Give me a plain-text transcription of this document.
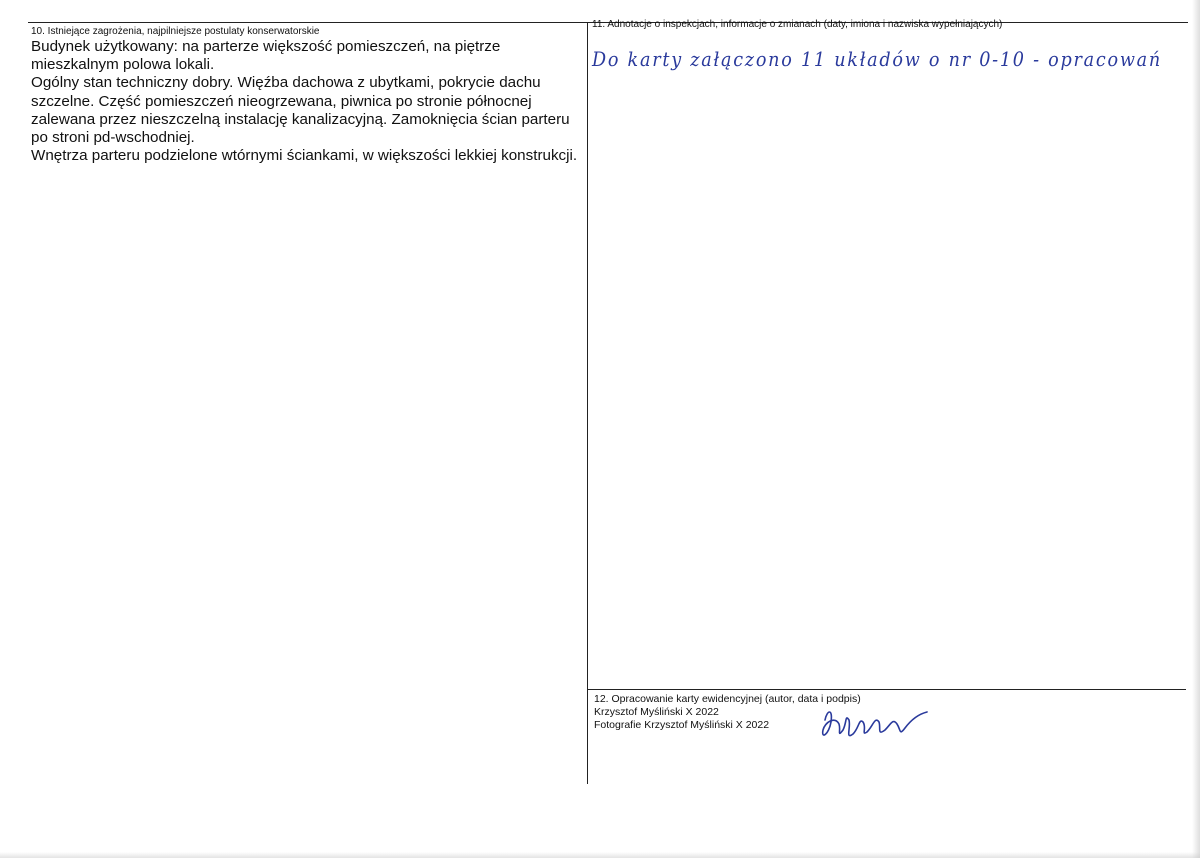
10. Istniejące zagrożenia, najpilniejsze postulaty konserwatorskie

Budynek użytkowany: na parterze większość pomieszczeń, na piętrze mieszkalnym polowa lokali.

Ogólny stan techniczny dobry. Więźba dachowa z ubytkami, pokrycie dachu szczelne. Część pomieszczeń nieogrzewana, piwnica po stronie północnej zalewana przez nieszczelną instalację kanalizacyjną. Zamoknięcia ścian parteru po stroni pd-wschodniej.

Wnętrza parteru podzielone wtórnymi ściankami, w większości lekkiej konstrukcji.

11. Adnotacje o inspekcjach, informacje o zmianach (daty, imiona i nazwiska wypełniających)
Do karty załączono 11 układów o nr 0-10 - opracowań
12. Opracowanie karty ewidencyjnej (autor, data i podpis)
Krzysztof Myśliński X 2022
Fotografie Krzysztof Myśliński X 2022
